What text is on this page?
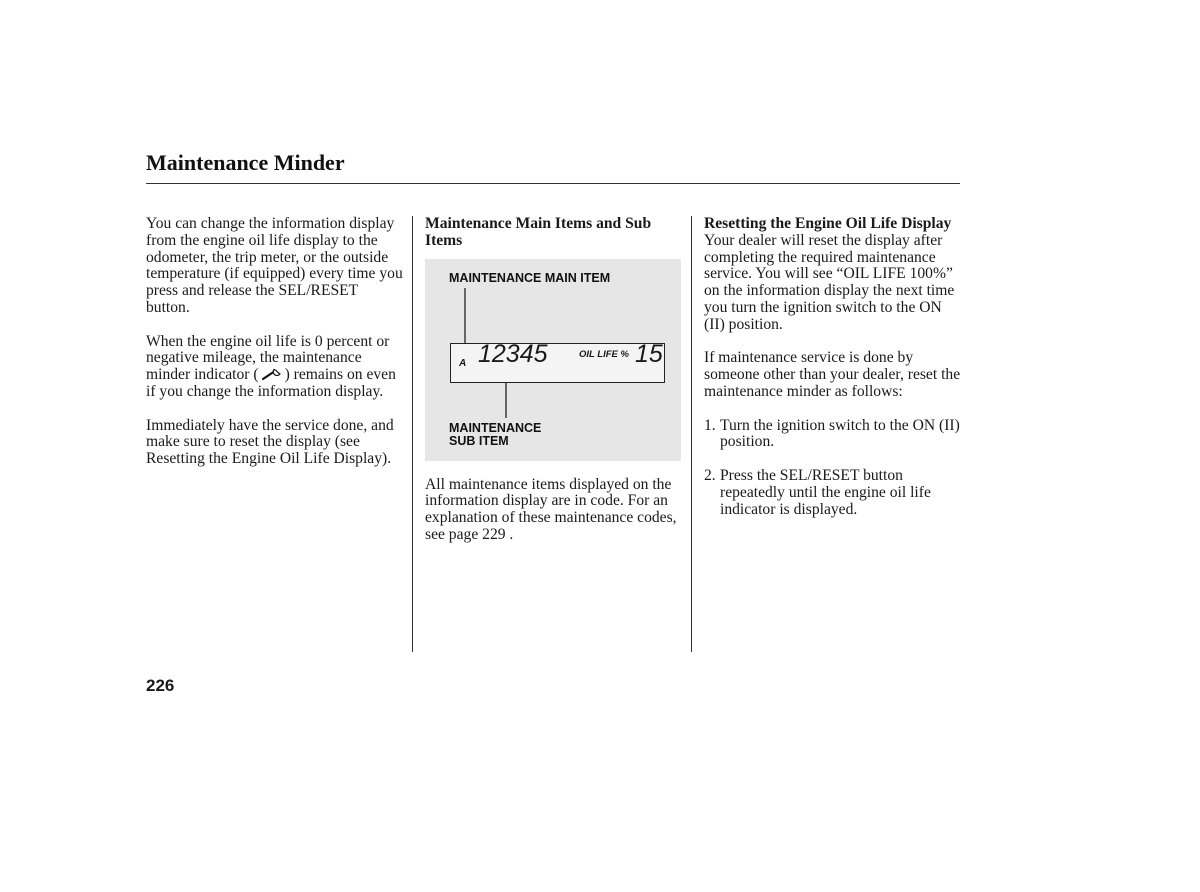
Maintenance Minder

You can change the information display from the engine oil life display to the odometer, the trip meter, or the outside temperature (if equipped) every time you press and release the SEL/RESET button.

When the engine oil life is 0 percent or negative mileage, the maintenance minder indicator ( ) remains on even if you change the information display.

Immediately have the service done, and make sure to reset the display (see Resetting the Engine Oil Life Display).

Maintenance Main Items and Sub Items
MAINTENANCE MAIN ITEM
A 12345	OIL LIFE % 15
MAINTENANCE
SUB ITEM

All maintenance items displayed on the information display are in code. For an explanation of these maintenance codes, see page 229 .

Resetting the Engine Oil Life Display

Your dealer will reset the display after completing the required maintenance service. You will see “OIL LIFE 100%” on the information display the next time you turn the ignition switch to the ON (II) position.

If maintenance service is done by someone other than your dealer, reset the maintenance minder as follows:

1. Turn the ignition switch to the ON (II) position.
2. Press the SEL/RESET button repeatedly until the engine oil life indicator is displayed.
226
